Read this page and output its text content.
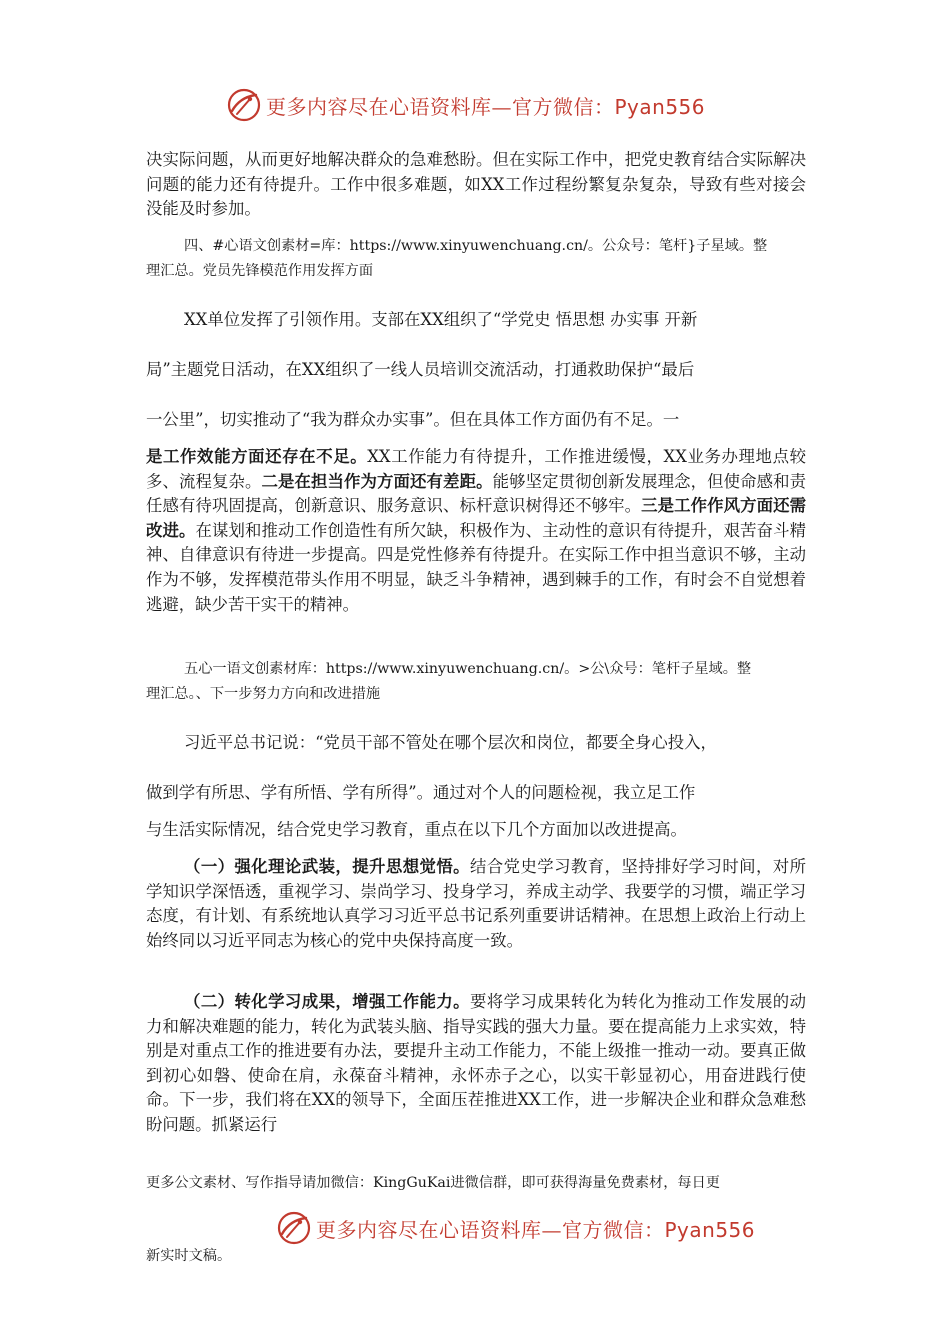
更多内容尽在心语资料库—官方微信：Pyan556

决实际问题，从而更好地解决群众的急难愁盼。但在实际工作中，把党史教育结合实际解决问题的能力还有待提升。工作中很多难题，如XX工作过程纷繁复杂复杂，导致有些对接会没能及时参加。

四、#心语文创素材=库：https://www.xinyuwenchuang.cn/。公众号：笔杆}子星域。整

理汇总。党员先锋模范作用发挥方面

XX单位发挥了引领作用。支部在XX组织了“学党史 悟思想 办实事 开新

局”主题党日活动，在XX组织了一线人员培训交流活动，打通救助保护“最后

一公里”，切实推动了“我为群众办实事”。但在具体工作方面仍有不足。一

是工作效能方面还存在不足。XX工作能力有待提升，工作推进缓慢，XX业务办理地点较多、流程复杂。二是在担当作为方面还有差距。能够坚定贯彻创新发展理念，但使命感和责任感有待巩固提高，创新意识、服务意识、标杆意识树得还不够牢。三是工作作风方面还需改进。在谋划和推动工作创造性有所欠缺，积极作为、主动性的意识有待提升，艰苦奋斗精神、自律意识有待进一步提高。四是党性修养有待提升。在实际工作中担当意识不够，主动作为不够，发挥模范带头作用不明显，缺乏斗争精神，遇到棘手的工作，有时会不自觉想着逃避，缺少苦干实干的精神。

五心一语文创素材库：https://www.xinyuwenchuang.cn/。>公\众号：笔杆子星域。整

理汇总。、下一步努力方向和改进措施

习近平总书记说：“党员干部不管处在哪个层次和岗位，都要全身心投入，

做到学有所思、学有所悟、学有所得”。通过对个人的问题检视，我立足工作

与生活实际情况，结合党史学习教育，重点在以下几个方面加以改进提高。

（一）强化理论武装，提升思想觉悟。结合党史学习教育，坚持排好学习时间，对所学知识学深悟透，重视学习、崇尚学习、投身学习，养成主动学、我要学的习惯，端正学习态度，有计划、有系统地认真学习习近平总书记系列重要讲话精神。在思想上政治上行动上始终同以习近平同志为核心的党中央保持高度一致。

（二）转化学习成果，增强工作能力。要将学习成果转化为转化为推动工作发展的动力和解决难题的能力，转化为武装头脑、指导实践的强大力量。要在提高能力上求实效，特别是对重点工作的推进要有办法，要提升主动工作能力，不能上级推一推动一动。要真正做到初心如磐、使命在肩，永葆奋斗精神，永怀赤子之心，以实干彰显初心，用奋进践行使命。下一步，我们将在XX的领导下，全面压茬推进XX工作，进一步解决企业和群众急难愁盼问题。抓紧运行

更多公文素材、写作指导请加微信：KingGuKai进微信群，即可获得海量免费素材，每日更

更多内容尽在心语资料库—官方微信：Pyan556

新实时文稿。
